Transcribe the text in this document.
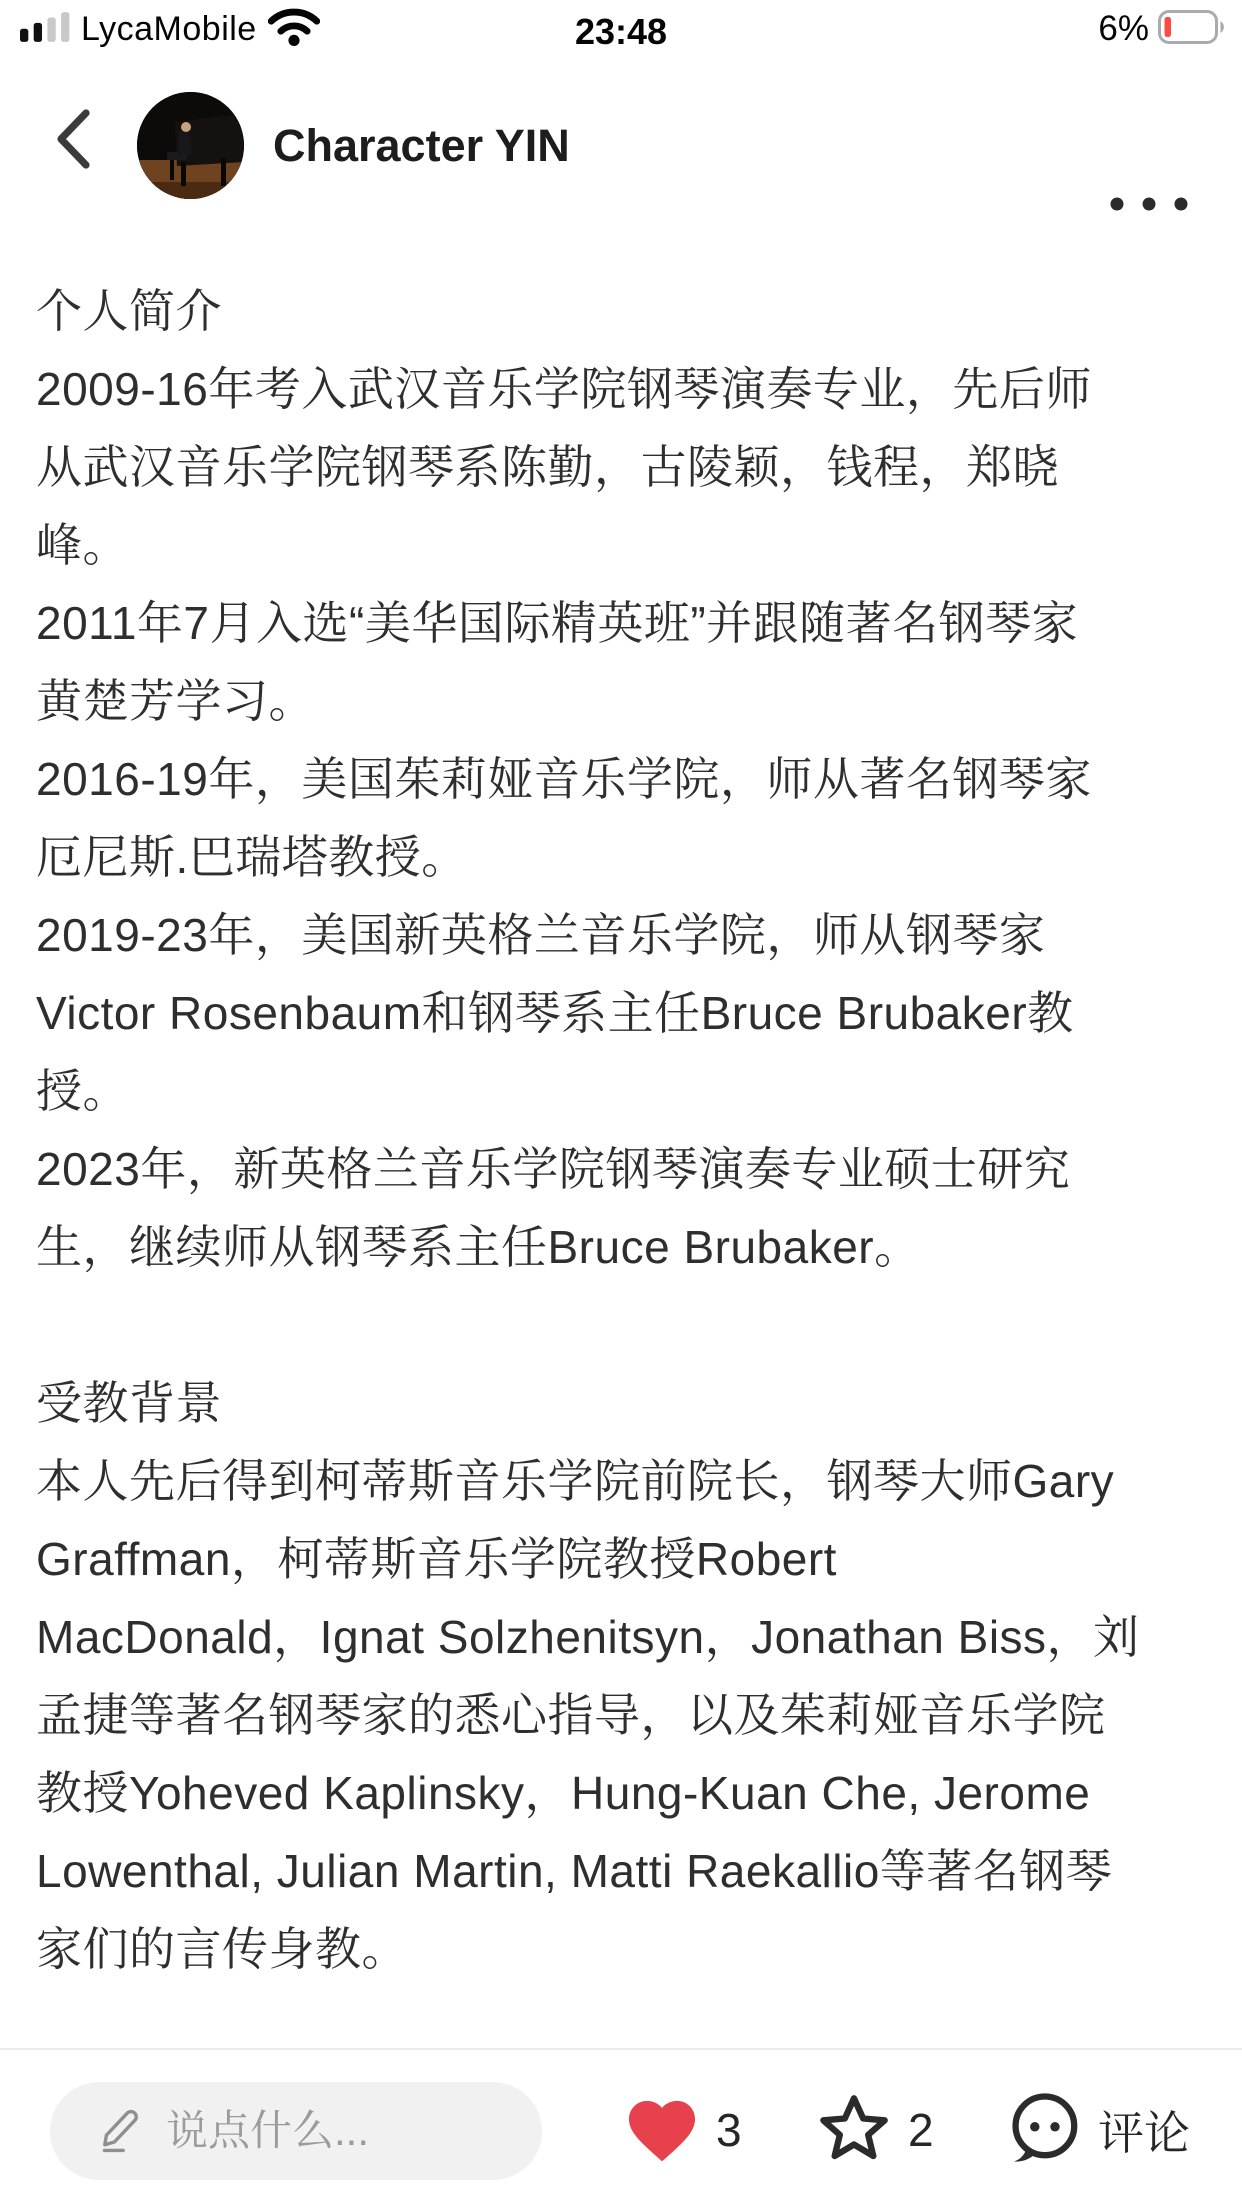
LycaMobile	23:48	6%
Character YIN
个人简介
2009-16年考入武汉音乐学院钢琴演奏专业，先后师
从武汉音乐学院钢琴系陈勤，古陵颖，钱程，郑晓
峰。
2011年7月入选“美华国际精英班”并跟随著名钢琴家
黄楚芳学习。
2016-19年，美国茱莉娅音乐学院，师从著名钢琴家
厄尼斯.巴瑞塔教授。
2019-23年，美国新英格兰音乐学院，师从钢琴家
Victor Rosenbaum和钢琴系主任Bruce Brubaker教
授。
2023年，新英格兰音乐学院钢琴演奏专业硕士研究
生，继续师从钢琴系主任Bruce Brubaker。

受教背景
本人先后得到柯蒂斯音乐学院前院长，钢琴大师Gary
Graffman，柯蒂斯音乐学院教授Robert
MacDonald，Ignat Solzhenitsyn，Jonathan Biss，刘
孟捷等著名钢琴家的悉心指导，以及茱莉娅音乐学院
教授Yoheved Kaplinsky，Hung-Kuan Che, Jerome
Lowenthal, Julian Martin, Matti Raekallio等著名钢琴
家们的言传身教。
说点什么...
3	2	评论
